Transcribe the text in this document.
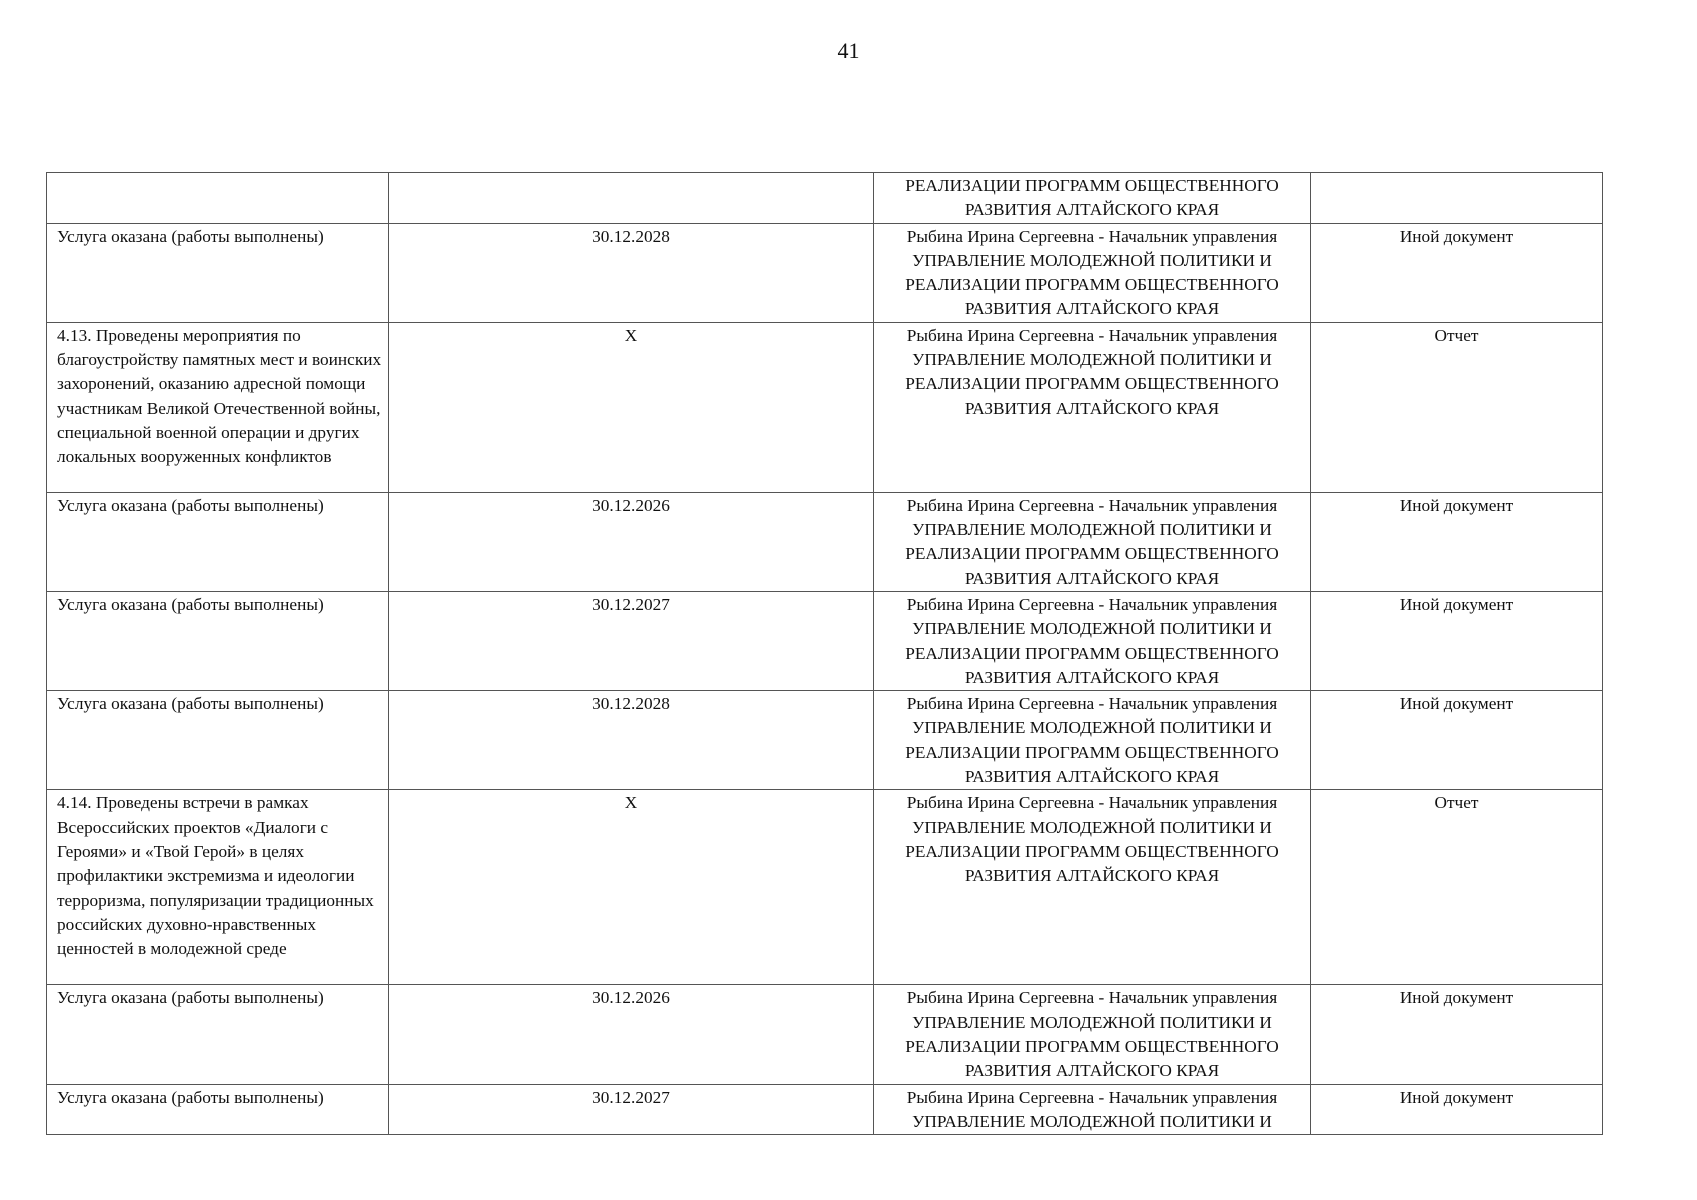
41
		РЕАЛИЗАЦИИ ПРОГРАММ ОБЩЕСТВЕННОГО РАЗВИТИЯ АЛТАЙСКОГО КРАЯ	
Услуга оказана (работы выполнены)	30.12.2028	Рыбина Ирина Сергеевна - Начальник управления УПРАВЛЕНИЕ МОЛОДЕЖНОЙ ПОЛИТИКИ И РЕАЛИЗАЦИИ ПРОГРАММ ОБЩЕСТВЕННОГО РАЗВИТИЯ АЛТАЙСКОГО КРАЯ	Иной документ
4.13. Проведены мероприятия по благоустройству памятных мест и воинских захоронений, оказанию адресной помощи участникам Великой Отечественной войны, специальной военной операции и других локальных вооруженных конфликтов	X	Рыбина Ирина Сергеевна - Начальник управления УПРАВЛЕНИЕ МОЛОДЕЖНОЙ ПОЛИТИКИ И РЕАЛИЗАЦИИ ПРОГРАММ ОБЩЕСТВЕННОГО РАЗВИТИЯ АЛТАЙСКОГО КРАЯ	Отчет
Услуга оказана (работы выполнены)	30.12.2026	Рыбина Ирина Сергеевна - Начальник управления УПРАВЛЕНИЕ МОЛОДЕЖНОЙ ПОЛИТИКИ И РЕАЛИЗАЦИИ ПРОГРАММ ОБЩЕСТВЕННОГО РАЗВИТИЯ АЛТАЙСКОГО КРАЯ	Иной документ
Услуга оказана (работы выполнены)	30.12.2027	Рыбина Ирина Сергеевна - Начальник управления УПРАВЛЕНИЕ МОЛОДЕЖНОЙ ПОЛИТИКИ И РЕАЛИЗАЦИИ ПРОГРАММ ОБЩЕСТВЕННОГО РАЗВИТИЯ АЛТАЙСКОГО КРАЯ	Иной документ
Услуга оказана (работы выполнены)	30.12.2028	Рыбина Ирина Сергеевна - Начальник управления УПРАВЛЕНИЕ МОЛОДЕЖНОЙ ПОЛИТИКИ И РЕАЛИЗАЦИИ ПРОГРАММ ОБЩЕСТВЕННОГО РАЗВИТИЯ АЛТАЙСКОГО КРАЯ	Иной документ
4.14. Проведены встречи в рамках Всероссийских проектов «Диалоги с Героями» и «Твой Герой» в целях профилактики экстремизма и идеологии терроризма, популяризации традиционных российских духовно-нравственных ценностей в молодежной среде	X	Рыбина Ирина Сергеевна - Начальник управления УПРАВЛЕНИЕ МОЛОДЕЖНОЙ ПОЛИТИКИ И РЕАЛИЗАЦИИ ПРОГРАММ ОБЩЕСТВЕННОГО РАЗВИТИЯ АЛТАЙСКОГО КРАЯ	Отчет
Услуга оказана (работы выполнены)	30.12.2026	Рыбина Ирина Сергеевна - Начальник управления УПРАВЛЕНИЕ МОЛОДЕЖНОЙ ПОЛИТИКИ И РЕАЛИЗАЦИИ ПРОГРАММ ОБЩЕСТВЕННОГО РАЗВИТИЯ АЛТАЙСКОГО КРАЯ	Иной документ
Услуга оказана (работы выполнены)	30.12.2027	Рыбина Ирина Сергеевна - Начальник управления УПРАВЛЕНИЕ МОЛОДЕЖНОЙ ПОЛИТИКИ И	Иной документ
